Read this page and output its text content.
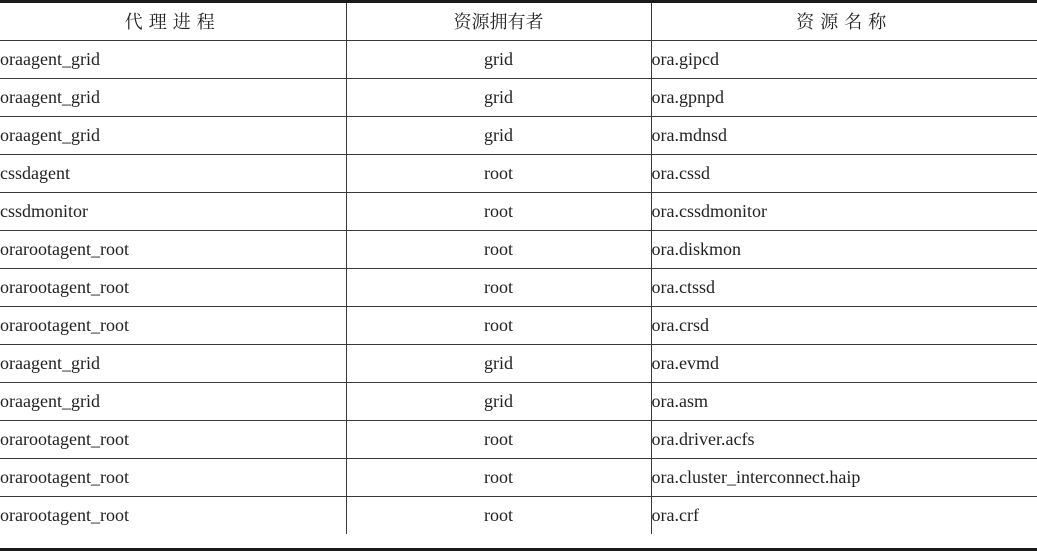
代理进程	资源拥有者	资源名称
oraagent_grid	grid	ora.gipcd
oraagent_grid	grid	ora.gpnpd
oraagent_grid	grid	ora.mdnsd
cssdagent	root	ora.cssd
cssdmonitor	root	ora.cssdmonitor
orarootagent_root	root	ora.diskmon
orarootagent_root	root	ora.ctssd
orarootagent_root	root	ora.crsd
oraagent_grid	grid	ora.evmd
oraagent_grid	grid	ora.asm
orarootagent_root	root	ora.driver.acfs
orarootagent_root	root	ora.cluster_interconnect.haip
orarootagent_root	root	ora.crf
